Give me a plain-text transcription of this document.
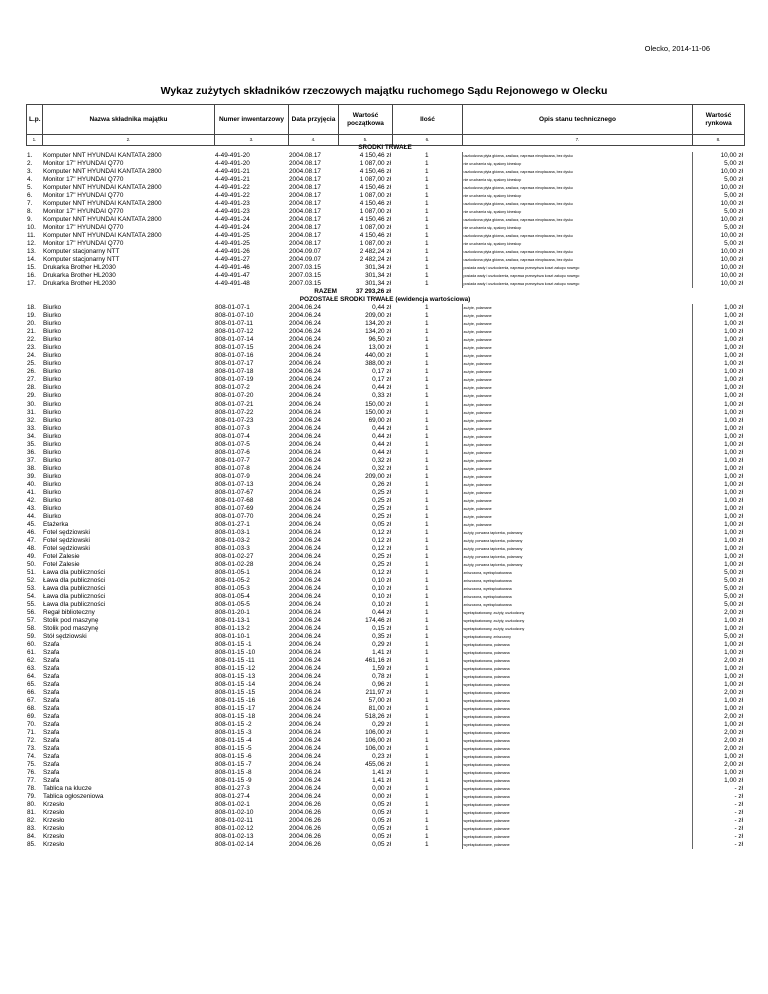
Olecko, 2014-11-06
Wykaz zużytych składników rzeczowych majątku ruchomego Sądu Rejonowego w Olecku
L.p.	Nazwa składnika majątku	Numer inwentarzowy	Data przyjęcia	Wartość początkowa	Ilość	Opis stanu technicznego	Wartość rynkowa
1.	2.	3.	4.	5.	6.	7.	8.
ŚRODKI TRWAŁE							
1.	Komputer NNT HYUNDAI KANTATA 2800	4-49-491-20	2004.08.17	4 150,46 zł	1	uszkodzona płyta główna, zasilacz, naprawa nieopłacana, bez dysku	10,00 zł
2.	Monitor 17" HYUNDAI Q770	4-49-491-20	2004.08.17	1 087,00 zł	1	nie uruchamia się, spalony kineskop	5,00 zł
3.	Komputer NNT HYUNDAI KANTATA 2800	4-49-491-21	2004.08.17	4 150,46 zł	1	uszkodzona płyta główna, zasilacz, naprawa nieopłacana, bez dysku	10,00 zł
4.	Monitor 17" HYUNDAI Q770	4-49-491-21	2004.08.17	1 087,00 zł	1	nie uruchamia się, spalony kineskop	5,00 zł
5.	Komputer NNT HYUNDAI KANTATA 2800	4-49-491-22	2004.08.17	4 150,46 zł	1	uszkodzona płyta główna, zasilacz, naprawa nieopłacana, bez dysku	10,00 zł
6.	Monitor 17" HYUNDAI Q770	4-49-491-22	2004.08.17	1 087,00 zł	1	nie uruchamia się, spalony kineskop	5,00 zł
7.	Komputer NNT HYUNDAI KANTATA 2800	4-49-491-23	2004.08.17	4 150,46 zł	1	uszkodzona płyta główna, zasilacz, naprawa nieopłacana, bez dysku	10,00 zł
8.	Monitor 17" HYUNDAI Q770	4-49-491-23	2004.08.17	1 087,00 zł	1	nie uruchamia się, spalony kineskop	5,00 zł
9.	Komputer NNT HYUNDAI KANTATA 2800	4-49-491-24	2004.08.17	4 150,46 zł	1	uszkodzona płyta główna, zasilacz, naprawa nieopłacana, bez dysku	10,00 zł
10.	Monitor 17" HYUNDAI Q770	4-49-491-24	2004.08.17	1 087,00 zł	1	nie uruchamia się, spalony kineskop	5,00 zł
11.	Komputer NNT HYUNDAI KANTATA 2800	4-49-491-25	2004.08.17	4 150,46 zł	1	uszkodzona płyta główna, zasilacz, naprawa nieopłacana, bez dysku	10,00 zł
12.	Monitor 17" HYUNDAI Q770	4-49-491-25	2004.08.17	1 087,00 zł	1	nie uruchamia się, spalony kineskop	5,00 zł
13.	Komputer stacjonarny NTT	4-49-491-26	2004.09.07	2 482,24 zł	1	uszkodzona płyta główna, zasilacz, naprawa nieopłacana, bez dysku	10,00 zł
14.	Komputer stacjonarny NTT	4-49-491-27	2004.09.07	2 482,24 zł	1	uszkodzona płyta główna, zasilacz, naprawa nieopłacana, bez dysku	10,00 zł
15.	Drukarka Brother HL2030	4-49-491-46	2007.03.15	301,34 zł	1	posiada wady i uszkodzenia, naprawa przewyższa koszt zakupu nowego	10,00 zł
16.	Drukarka Brother HL2030	4-49-491-47	2007.03.15	301,34 zł	1	posiada wady i uszkodzenia, naprawa przewyższa koszt zakupu nowego	10,00 zł
17.	Drukarka Brother HL2030	4-49-491-48	2007.03.15	301,34 zł	1	posiada wady i uszkodzenia, naprawa przewyższa koszt zakupu nowego	10,00 zł
RAZEM				37 293,26 zł			
POZOSTAŁE ŚRODKI TRWAŁE (ewidencja wartościowa)							
18.	Biurko	808-01-07-1	2004.06.24	0,44 zł	1	zużyte, połamane	1,00 zł
19.	Biurko	808-01-07-10	2004.06.24	209,00 zł	1	zużyte, połamane	1,00 zł
20.	Biurko	808-01-07-11	2004.06.24	134,20 zł	1	zużyte, połamane	1,00 zł
21.	Biurko	808-01-07-12	2004.06.24	134,20 zł	1	zużyte, połamane	1,00 zł
22.	Biurko	808-01-07-14	2004.06.24	96,50 zł	1	zużyte, połamane	1,00 zł
23.	Biurko	808-01-07-15	2004.06.24	13,00 zł	1	zużyte, połamane	1,00 zł
24.	Biurko	808-01-07-16	2004.06.24	440,00 zł	1	zużyte, połamane	1,00 zł
25.	Biurko	808-01-07-17	2004.06.24	388,00 zł	1	zużyte, połamane	1,00 zł
26.	Biurko	808-01-07-18	2004.06.24	0,17 zł	1	zużyte, połamane	1,00 zł
27.	Biurko	808-01-07-19	2004.06.24	0,17 zł	1	zużyte, połamane	1,00 zł
28.	Biurko	808-01-07-2	2004.06.24	0,44 zł	1	zużyte, połamane	1,00 zł
29.	Biurko	808-01-07-20	2004.06.24	0,33 zł	1	zużyte, połamane	1,00 zł
30.	Biurko	808-01-07-21	2004.06.24	150,00 zł	1	zużyte, połamane	1,00 zł
31.	Biurko	808-01-07-22	2004.06.24	150,00 zł	1	zużyte, połamane	1,00 zł
32.	Biurko	808-01-07-23	2004.06.24	69,00 zł	1	zużyte, połamane	1,00 zł
33.	Biurko	808-01-07-3	2004.06.24	0,44 zł	1	zużyte, połamane	1,00 zł
34.	Biurko	808-01-07-4	2004.06.24	0,44 zł	1	zużyte, połamane	1,00 zł
35.	Biurko	808-01-07-5	2004.06.24	0,44 zł	1	zużyte, połamane	1,00 zł
36.	Biurko	808-01-07-6	2004.06.24	0,44 zł	1	zużyte, połamane	1,00 zł
37.	Biurko	808-01-07-7	2004.06.24	0,32 zł	1	zużyte, połamane	1,00 zł
38.	Biurko	808-01-07-8	2004.06.24	0,32 zł	1	zużyte, połamane	1,00 zł
39.	Biurko	808-01-07-9	2004.06.24	209,00 zł	1	zużyte, połamane	1,00 zł
40.	Biurko	808-01-07-13	2004.06.24	0,26 zł	1	zużyte, połamane	1,00 zł
41.	Biurko	808-01-07-67	2004.06.24	0,25 zł	1	zużyte, połamane	1,00 zł
42.	Biurko	808-01-07-68	2004.06.24	0,25 zł	1	zużyte, połamane	1,00 zł
43.	Biurko	808-01-07-69	2004.06.24	0,25 zł	1	zużyte, połamane	1,00 zł
44.	Biurko	808-01-07-70	2004.06.24	0,25 zł	1	zużyte, połamane	1,00 zł
45.	Etażerka	808-01-27-1	2004.06.24	0,05 zł	1	zużyte, połamane	1,00 zł
46.	Fotel sędziowski	808-01-03-1	2004.06.24	0,12 zł	1	zużyty, porwana tapicerka, połamany	1,00 zł
47.	Fotel sędziowski	808-01-03-2	2004.06.24	0,12 zł	1	zużyty, porwana tapicerka, połamany	1,00 zł
48.	Fotel sędziowski	808-01-03-3	2004.06.24	0,12 zł	1	zużyty, porwana tapicerka, połamany	1,00 zł
49.	Fotel Zalesie	808-01-02-27	2004.06.24	0,25 zł	1	zużyty, porwana tapicerka, połamany	1,00 zł
50.	Fotel Zalesie	808-01-02-28	2004.06.24	0,25 zł	1	zużyty, porwana tapicerka, połamany	1,00 zł
51.	Ława dla publiczności	808-01-05-1	2004.06.24	0,12 zł	1	zniszczona, wyeksploatowana	5,00 zł
52.	Ława dla publiczności	808-01-05-2	2004.06.24	0,10 zł	1	zniszczona, wyeksploatowana	5,00 zł
53.	Ława dla publiczności	808-01-05-3	2004.06.24	0,10 zł	1	zniszczona, wyeksploatowana	5,00 zł
54.	Ława dla publiczności	808-01-05-4	2004.06.24	0,10 zł	1	zniszczona, wyeksploatowana	5,00 zł
55.	Ława dla publiczności	808-01-05-5	2004.06.24	0,10 zł	1	zniszczona, wyeksploatowana	5,00 zł
56.	Regał biblioteczny	808-01-20-1	2004.06.24	0,44 zł	1	wyeksploatowany, zużyty, uszkodzony	2,00 zł
57.	Stolik pod maszynę	808-01-13-1	2004.06.24	174,46 zł	1	wyeksploatowany, zużyty, uszkodzony	1,00 zł
58.	Stolik pod maszynę	808-01-13-2	2004.06.24	0,15 zł	1	wyeksploatowany, zużyty, uszkodzony	1,00 zł
59.	Stół sędziowski	808-01-10-1	2004.06.24	0,35 zł	1	wyeksploatowany, zniszczony	5,00 zł
60.	Szafa	808-01-15 -1	2004.06.24	0,29 zł	1	wyeksploatowana, połamana	1,00 zł
61.	Szafa	808-01-15 -10	2004.06.24	1,41 zł	1	wyeksploatowana, połamana	1,00 zł
62.	Szafa	808-01-15 -11	2004.06.24	461,16 zł	1	wyeksploatowana, połamana	2,00 zł
63.	Szafa	808-01-15 -12	2004.06.24	1,59 zł	1	wyeksploatowana, połamana	1,00 zł
64.	Szafa	808-01-15 -13	2004.06.24	0,78 zł	1	wyeksploatowana, połamana	1,00 zł
65.	Szafa	808-01-15 -14	2004.06.24	0,96 zł	1	wyeksploatowana, połamana	1,00 zł
66.	Szafa	808-01-15 -15	2004.06.24	211,97 zł	1	wyeksploatowana, połamana	2,00 zł
67.	Szafa	808-01-15 -16	2004.06.24	57,00 zł	1	wyeksploatowana, połamana	1,00 zł
68.	Szafa	808-01-15 -17	2004.06.24	81,00 zł	1	wyeksploatowana, połamana	1,00 zł
69.	Szafa	808-01-15 -18	2004.06.24	518,26 zł	1	wyeksploatowana, połamana	2,00 zł
70.	Szafa	808-01-15 -2	2004.06.24	0,29 zł	1	wyeksploatowana, połamana	1,00 zł
71.	Szafa	808-01-15 -3	2004.06.24	106,00 zł	1	wyeksploatowana, połamana	2,00 zł
72.	Szafa	808-01-15 -4	2004.06.24	106,00 zł	1	wyeksploatowana, połamana	2,00 zł
73.	Szafa	808-01-15 -5	2004.06.24	106,00 zł	1	wyeksploatowana, połamana	2,00 zł
74.	Szafa	808-01-15 -6	2004.06.24	0,23 zł	1	wyeksploatowana, połamana	1,00 zł
75.	Szafa	808-01-15 -7	2004.06.24	455,06 zł	1	wyeksploatowana, połamana	2,00 zł
76.	Szafa	808-01-15 -8	2004.06.24	1,41 zł	1	wyeksploatowana, połamana	1,00 zł
77.	Szafa	808-01-15 -9	2004.06.24	1,41 zł	1	wyeksploatowana, połamana	1,00 zł
78.	Tablica na klucze	808-01-27-3	2004.06.24	0,00 zł	1	wyeksploatowana, połamana	- zł
79.	Tablica ogłoszeniowa	808-01-27-4	2004.06.24	0,00 zł	1	wyeksploatowana, połamana	- zł
80.	Krzesło	808-01-02-1	2004.06.26	0,05 zł	1	wyeksploatowane, połamane	- zł
81.	Krzesło	808-01-02-10	2004.06.26	0,05 zł	1	wyeksploatowane, połamane	- zł
82.	Krzesło	808-01-02-11	2004.06.26	0,05 zł	1	wyeksploatowane, połamane	- zł
83.	Krzesło	808-01-02-12	2004.06.26	0,05 zł	1	wyeksploatowane, połamane	- zł
84.	Krzesło	808-01-02-13	2004.06.26	0,05 zł	1	wyeksploatowane, połamane	- zł
85.	Krzesło	808-01-02-14	2004.06.26	0,05 zł	1	wyeksploatowane, połamane	- zł
